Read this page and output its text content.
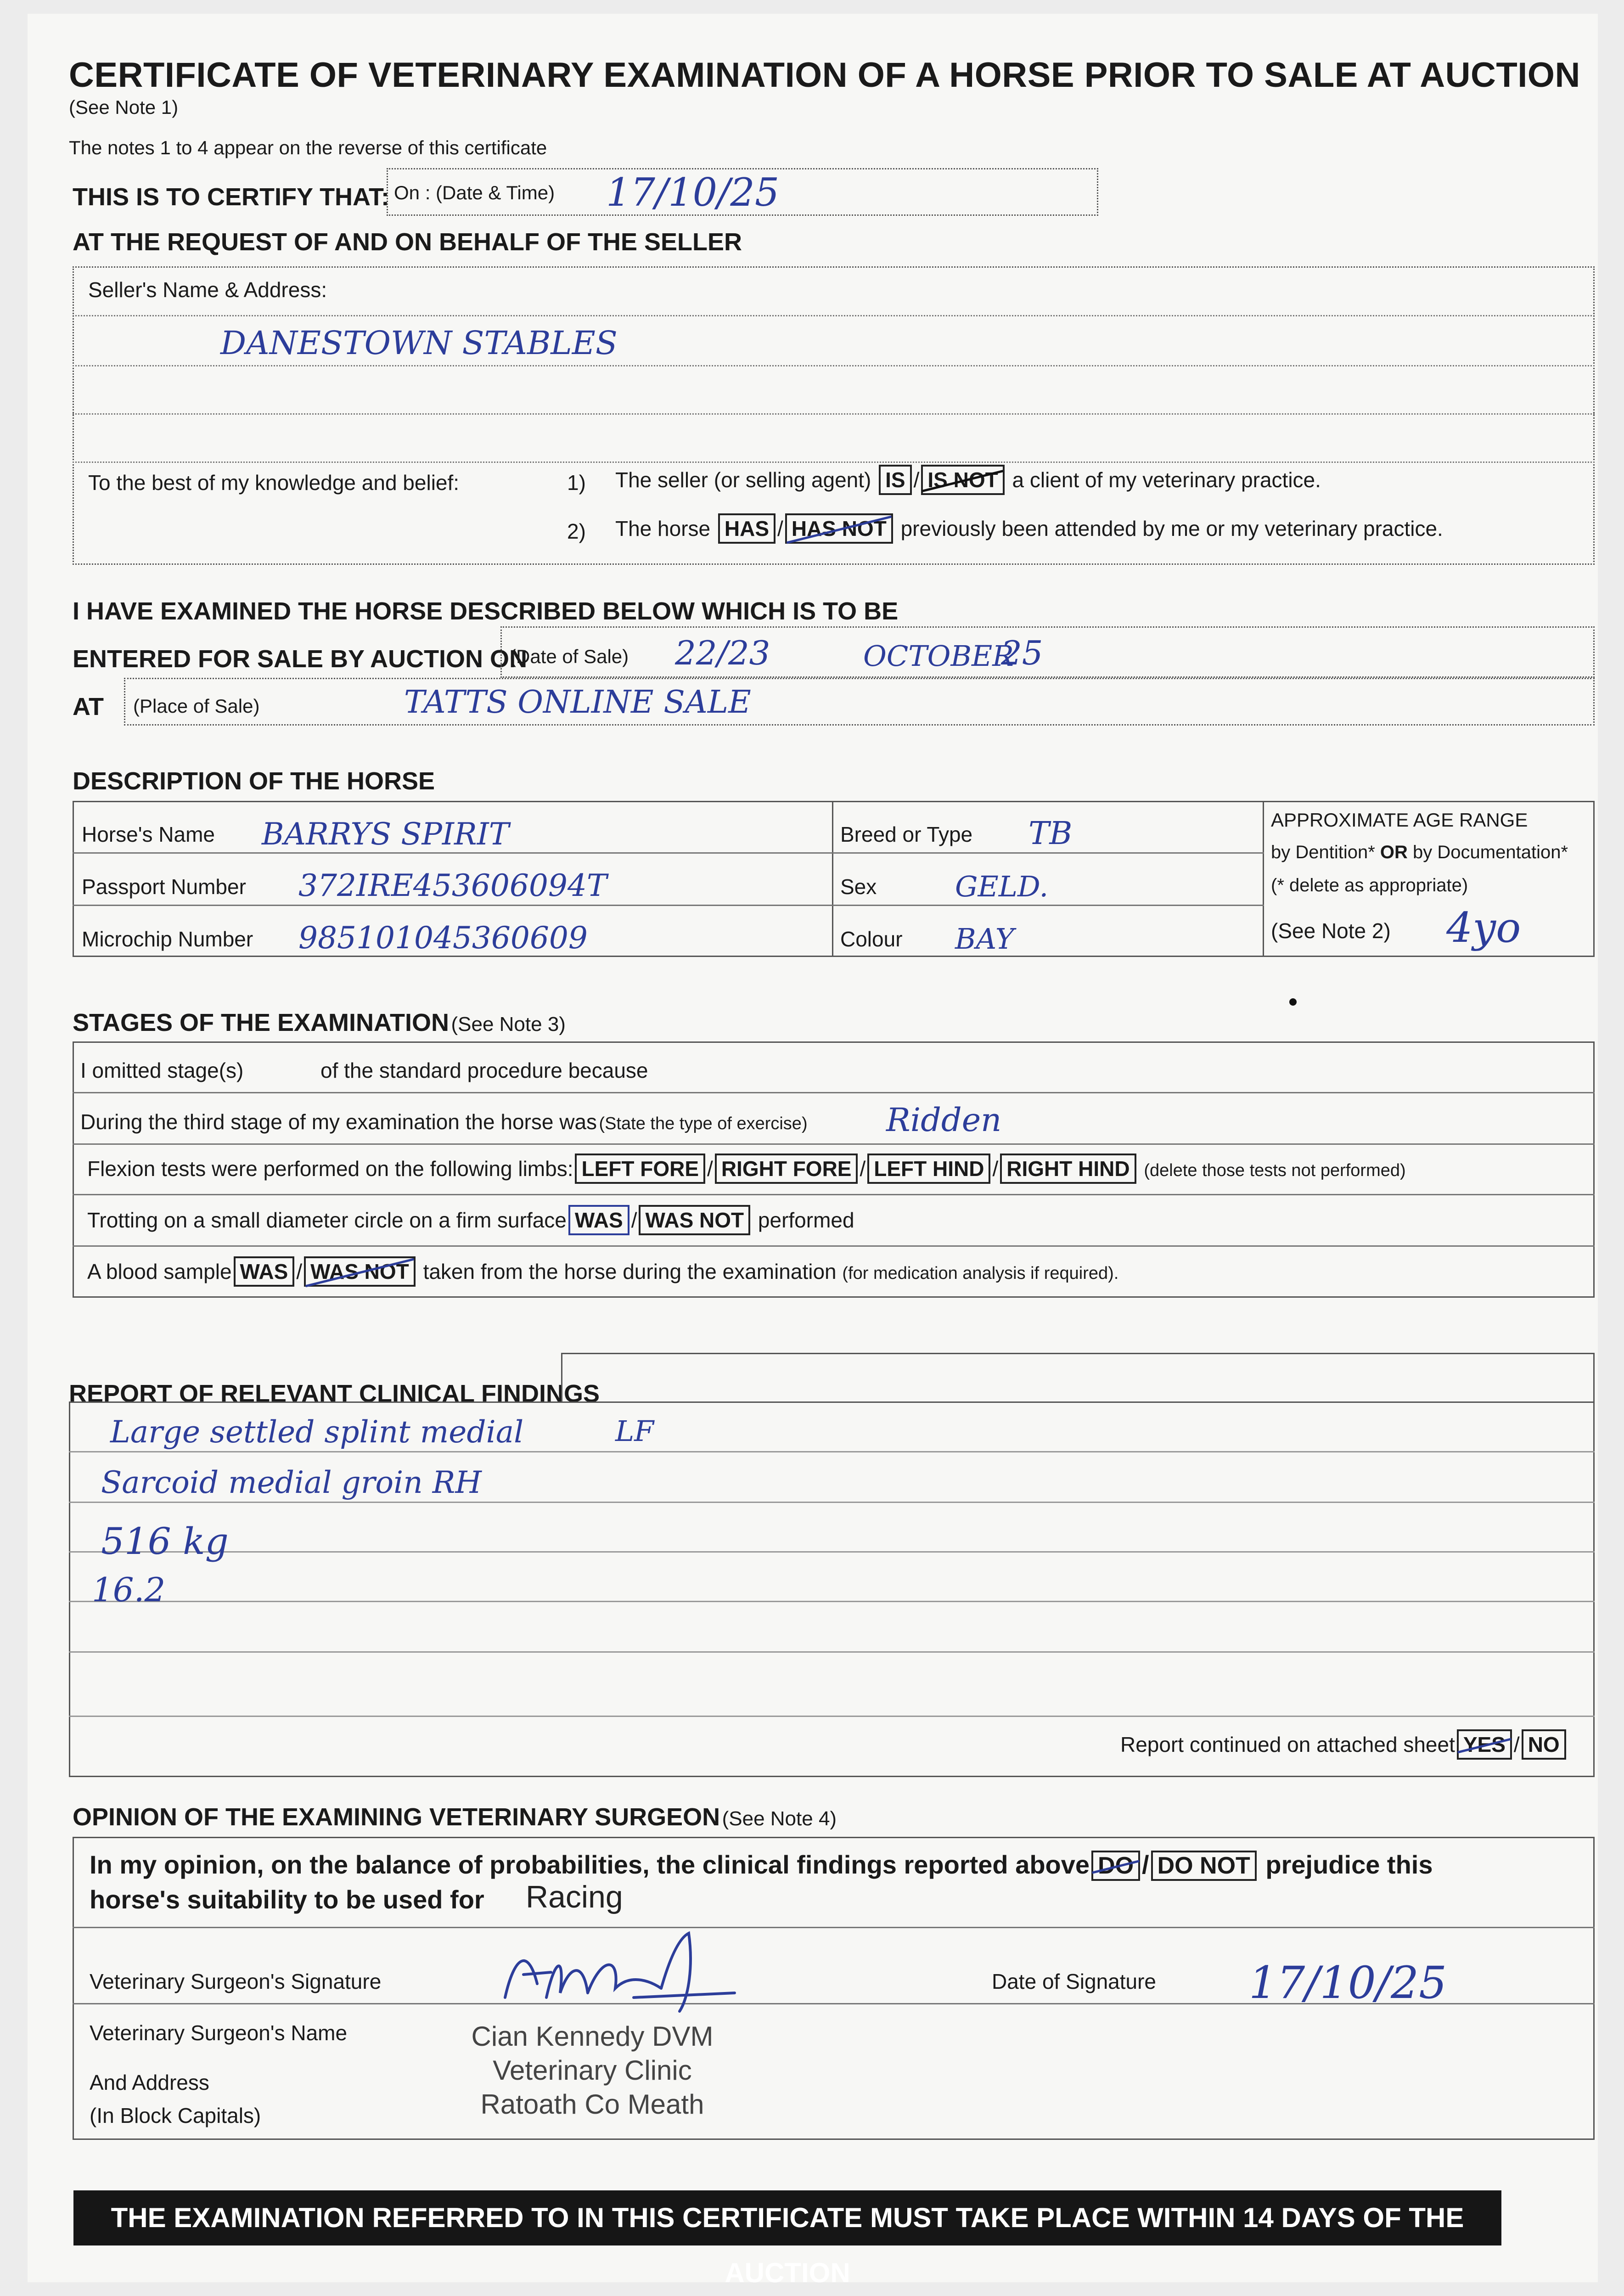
CERTIFICATE OF VETERINARY EXAMINATION OF A HORSE PRIOR TO SALE AT AUCTION
(See Note 1)
The notes 1 to 4 appear on the reverse of this certificate
THIS IS TO CERTIFY THAT: On : (Date & Time) 17/10/25
AT THE REQUEST OF AND ON BEHALF OF THE SELLER
Seller's Name & Address:
DANESTOWN STABLES
To the best of my knowledge and belief:	1) The seller (or selling agent) IS / IS NOT a client of my veterinary practice.
2) The horse HAS / HAS NOT previously been attended by me or my veterinary practice.
I HAVE EXAMINED THE HORSE DESCRIBED BELOW WHICH IS TO BE
ENTERED FOR SALE BY AUCTION ON
(Date of Sale) 22/23	OCTOBER
25
AT (Place of Sale)	TATTS ONLINE SALE
DESCRIPTION OF THE HORSE
Horse's Name BARRYS SPIRIT
Passport Number 372IRE453606094T
Microchip Number 985101045360609
Breed or Type TB
Sex	GELD.
Colour BAY
APPROXIMATE AGE RANGE
by Dentition* OR by Documentation*
(* delete as appropriate)
(See Note 2) 4yo
STAGES OF THE EXAMINATION (See Note 3)
I omitted stage(s)	of the standard procedure because
During the third stage of my examination the horse was (State the type of exercise) Ridden
Flexion tests were performed on the following limbs: LEFT FORE / RIGHT FORE / LEFT HIND / RIGHT HIND (delete those tests not performed)
Trotting on a small diameter circle on a firm surface WAS / WAS NOT performed
A blood sample WAS / WAS NOT taken from the horse during the examination (for medication analysis if required).
REPORT OF RELEVANT CLINICAL FINDINGS
Large settled splint medial	LF
Sarcoid medial groin RH
516 kg
16.2
Report continued on attached sheet YES / NO
OPINION OF THE EXAMINING VETERINARY SURGEON (See Note 4)
In my opinion, on the balance of probabilities, the clinical findings reported above DO / DO NOT prejudice this
horse's suitability to be used for Racing
Veterinary Surgeon's Signature	Date of Signature 17/10/25
Veterinary Surgeon's Name
And Address
(In Block Capitals)
Cian Kennedy DVM
Veterinary Clinic
Ratoath Co Meath
THE EXAMINATION REFERRED TO IN THIS CERTIFICATE MUST TAKE PLACE WITHIN 14 DAYS OF THE AUCTION
